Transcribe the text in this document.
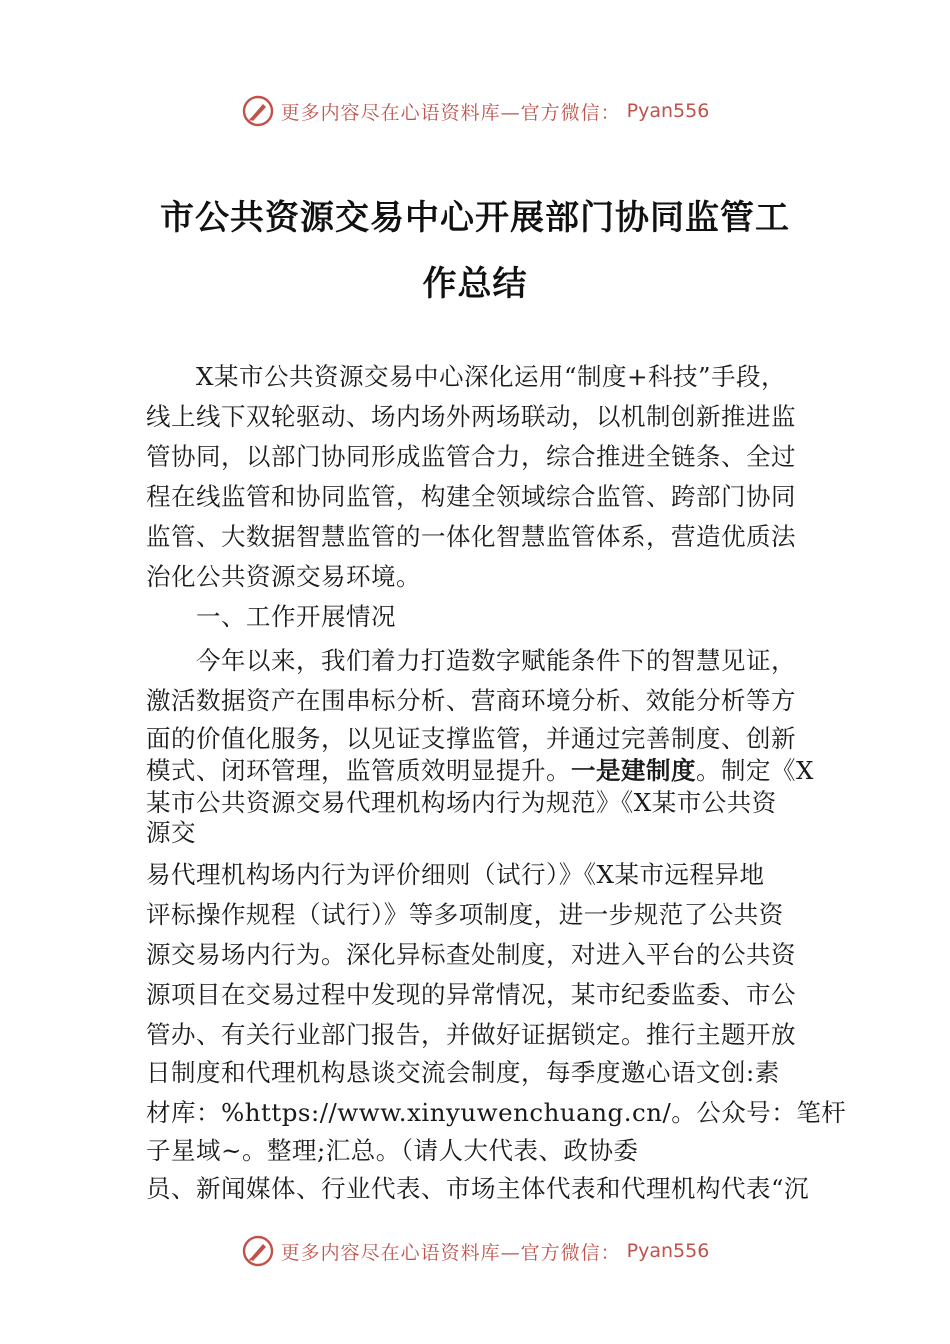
更多内容尽在心语资料库—官方微信： Pyan556
市公共资源交易中心开展部门协同监管工
作总结
X某市公共资源交易中心深化运用“制度+科技”手段，
线上线下双轮驱动、场内场外两场联动，以机制创新推进监
管协同，以部门协同形成监管合力，综合推进全链条、全过
程在线监管和协同监管，构建全领域综合监管、跨部门协同
监管、大数据智慧监管的一体化智慧监管体系，营造优质法
治化公共资源交易环境。
一、工作开展情况
今年以来，我们着力打造数字赋能条件下的智慧见证，
激活数据资产在围串标分析、营商环境分析、效能分析等方
面的价值化服务，以见证支撑监管，并通过完善制度、创新
模式、闭环管理，监管质效明显提升。一是建制度。制定《X
某市公共资源交易代理机构场内行为规范》《X某市公共资
源交
易代理机构场内行为评价细则（试行）》《X某市远程异地
评标操作规程（试行）》等多项制度，进一步规范了公共资
源交易场内行为。深化异标查处制度，对进入平台的公共资
源项目在交易过程中发现的异常情况，某市纪委监委、市公
管办、有关行业部门报告，并做好证据锁定。推行主题开放
日制度和代理机构恳谈交流会制度，每季度邀心语文创:素
材库：%https://www.xinyuwenchuang.cn/。公众号：笔杆
子星域~。整理;汇总。（请人大代表、政协委
员、新闻媒体、行业代表、市场主体代表和代理机构代表“沉
更多内容尽在心语资料库—官方微信： Pyan556
